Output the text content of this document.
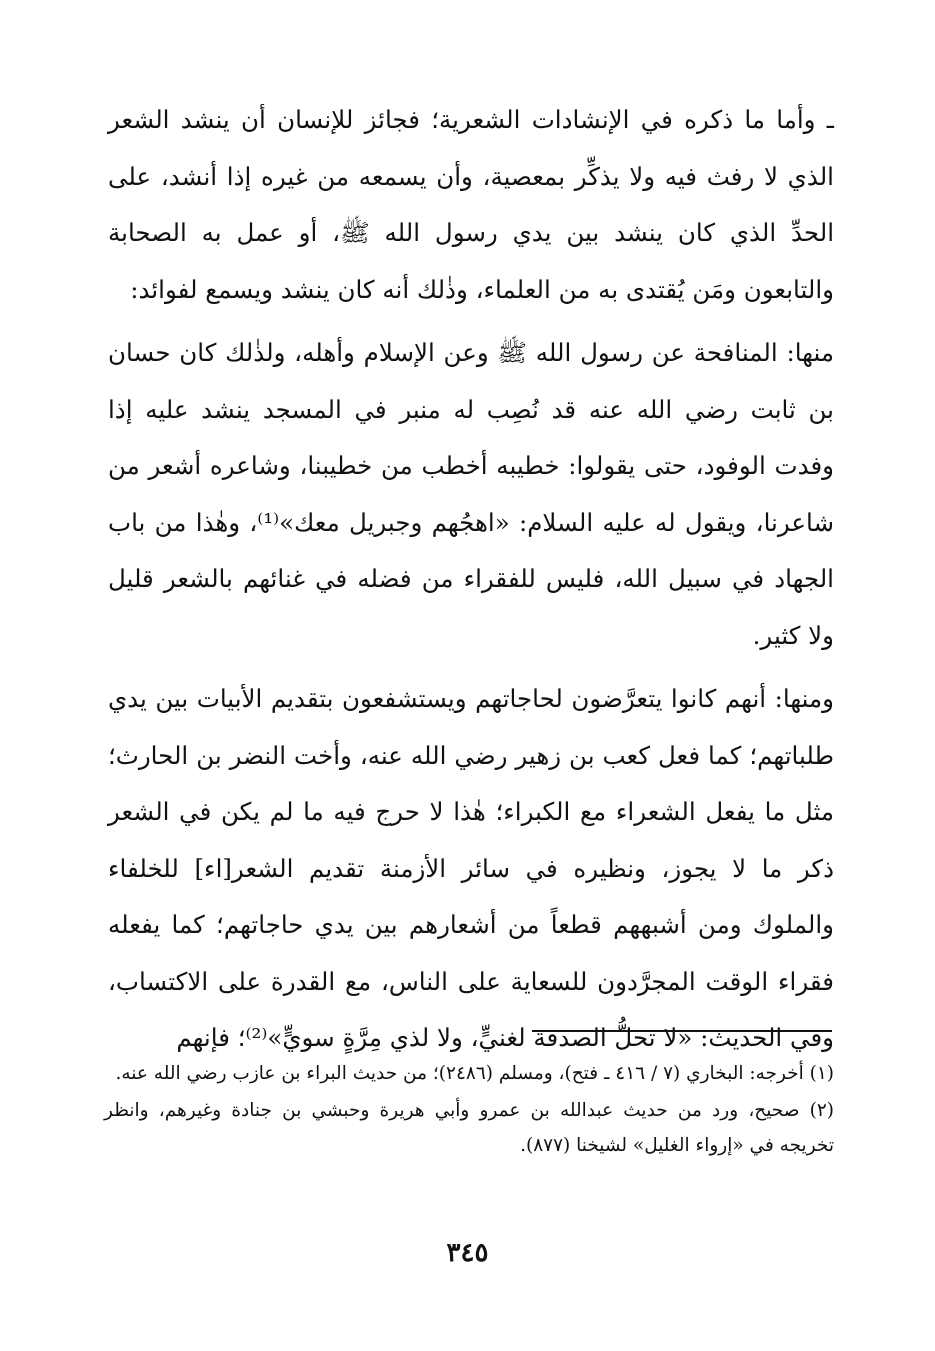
ـ وأما ما ذكره في الإنشادات الشعرية؛ فجائز للإنسان أن ينشد الشعر الذي لا رفث فيه ولا يذكِّر بمعصية، وأن يسمعه من غيره إذا أنشد، على الحدِّ الذي كان ينشد بين يدي رسول الله ﷺ، أو عمل به الصحابة والتابعون ومَن يُقتدى به من العلماء، وذٰلك أنه كان ينشد ويسمع لفوائد:

منها: المنافحة عن رسول الله ﷺ وعن الإسلام وأهله، ولذٰلك كان حسان بن ثابت رضي الله عنه قد نُصِب له منبر في المسجد ينشد عليه إذا وفدت الوفود، حتى يقولوا: خطيبه أخطب من خطيبنا، وشاعره أشعر من شاعرنا، ويقول له عليه السلام: «اهجُهم وجبريل معك»⁽¹⁾، وهٰذا من باب الجهاد في سبيل الله، فليس للفقراء من فضله في غنائهم بالشعر قليل ولا كثير.

ومنها: أنهم كانوا يتعرَّضون لحاجاتهم ويستشفعون بتقديم الأبيات بين يدي طلباتهم؛ كما فعل كعب بن زهير رضي الله عنه، وأخت النضر بن الحارث؛ مثل ما يفعل الشعراء مع الكبراء؛ هٰذا لا حرج فيه ما لم يكن في الشعر ذكر ما لا يجوز، ونظيره في سائر الأزمنة تقديم الشعر[اء] للخلفاء والملوك ومن أشبههم قطعاً من أشعارهم بين يدي حاجاتهم؛ كما يفعله فقراء الوقت المجرَّدون للسعاية على الناس، مع القدرة على الاكتساب، وفي الحديث: «لا تحلُّ الصدقة لغنيٍّ، ولا لذي مِرَّةٍ سويٍّ»⁽²⁾؛ فإنهم

(١) أخرجه: البخاري (٧ / ٤١٦ ـ فتح)، ومسلم (٢٤٨٦)؛ من حديث البراء بن عازب رضي الله عنه.

(٢) صحيح، ورد من حديث عبدالله بن عمرو وأبي هريرة وحبشي بن جنادة وغيرهم، وانظر تخريجه في «إرواء الغليل» لشيخنا (٨٧٧).

٣٤٥
